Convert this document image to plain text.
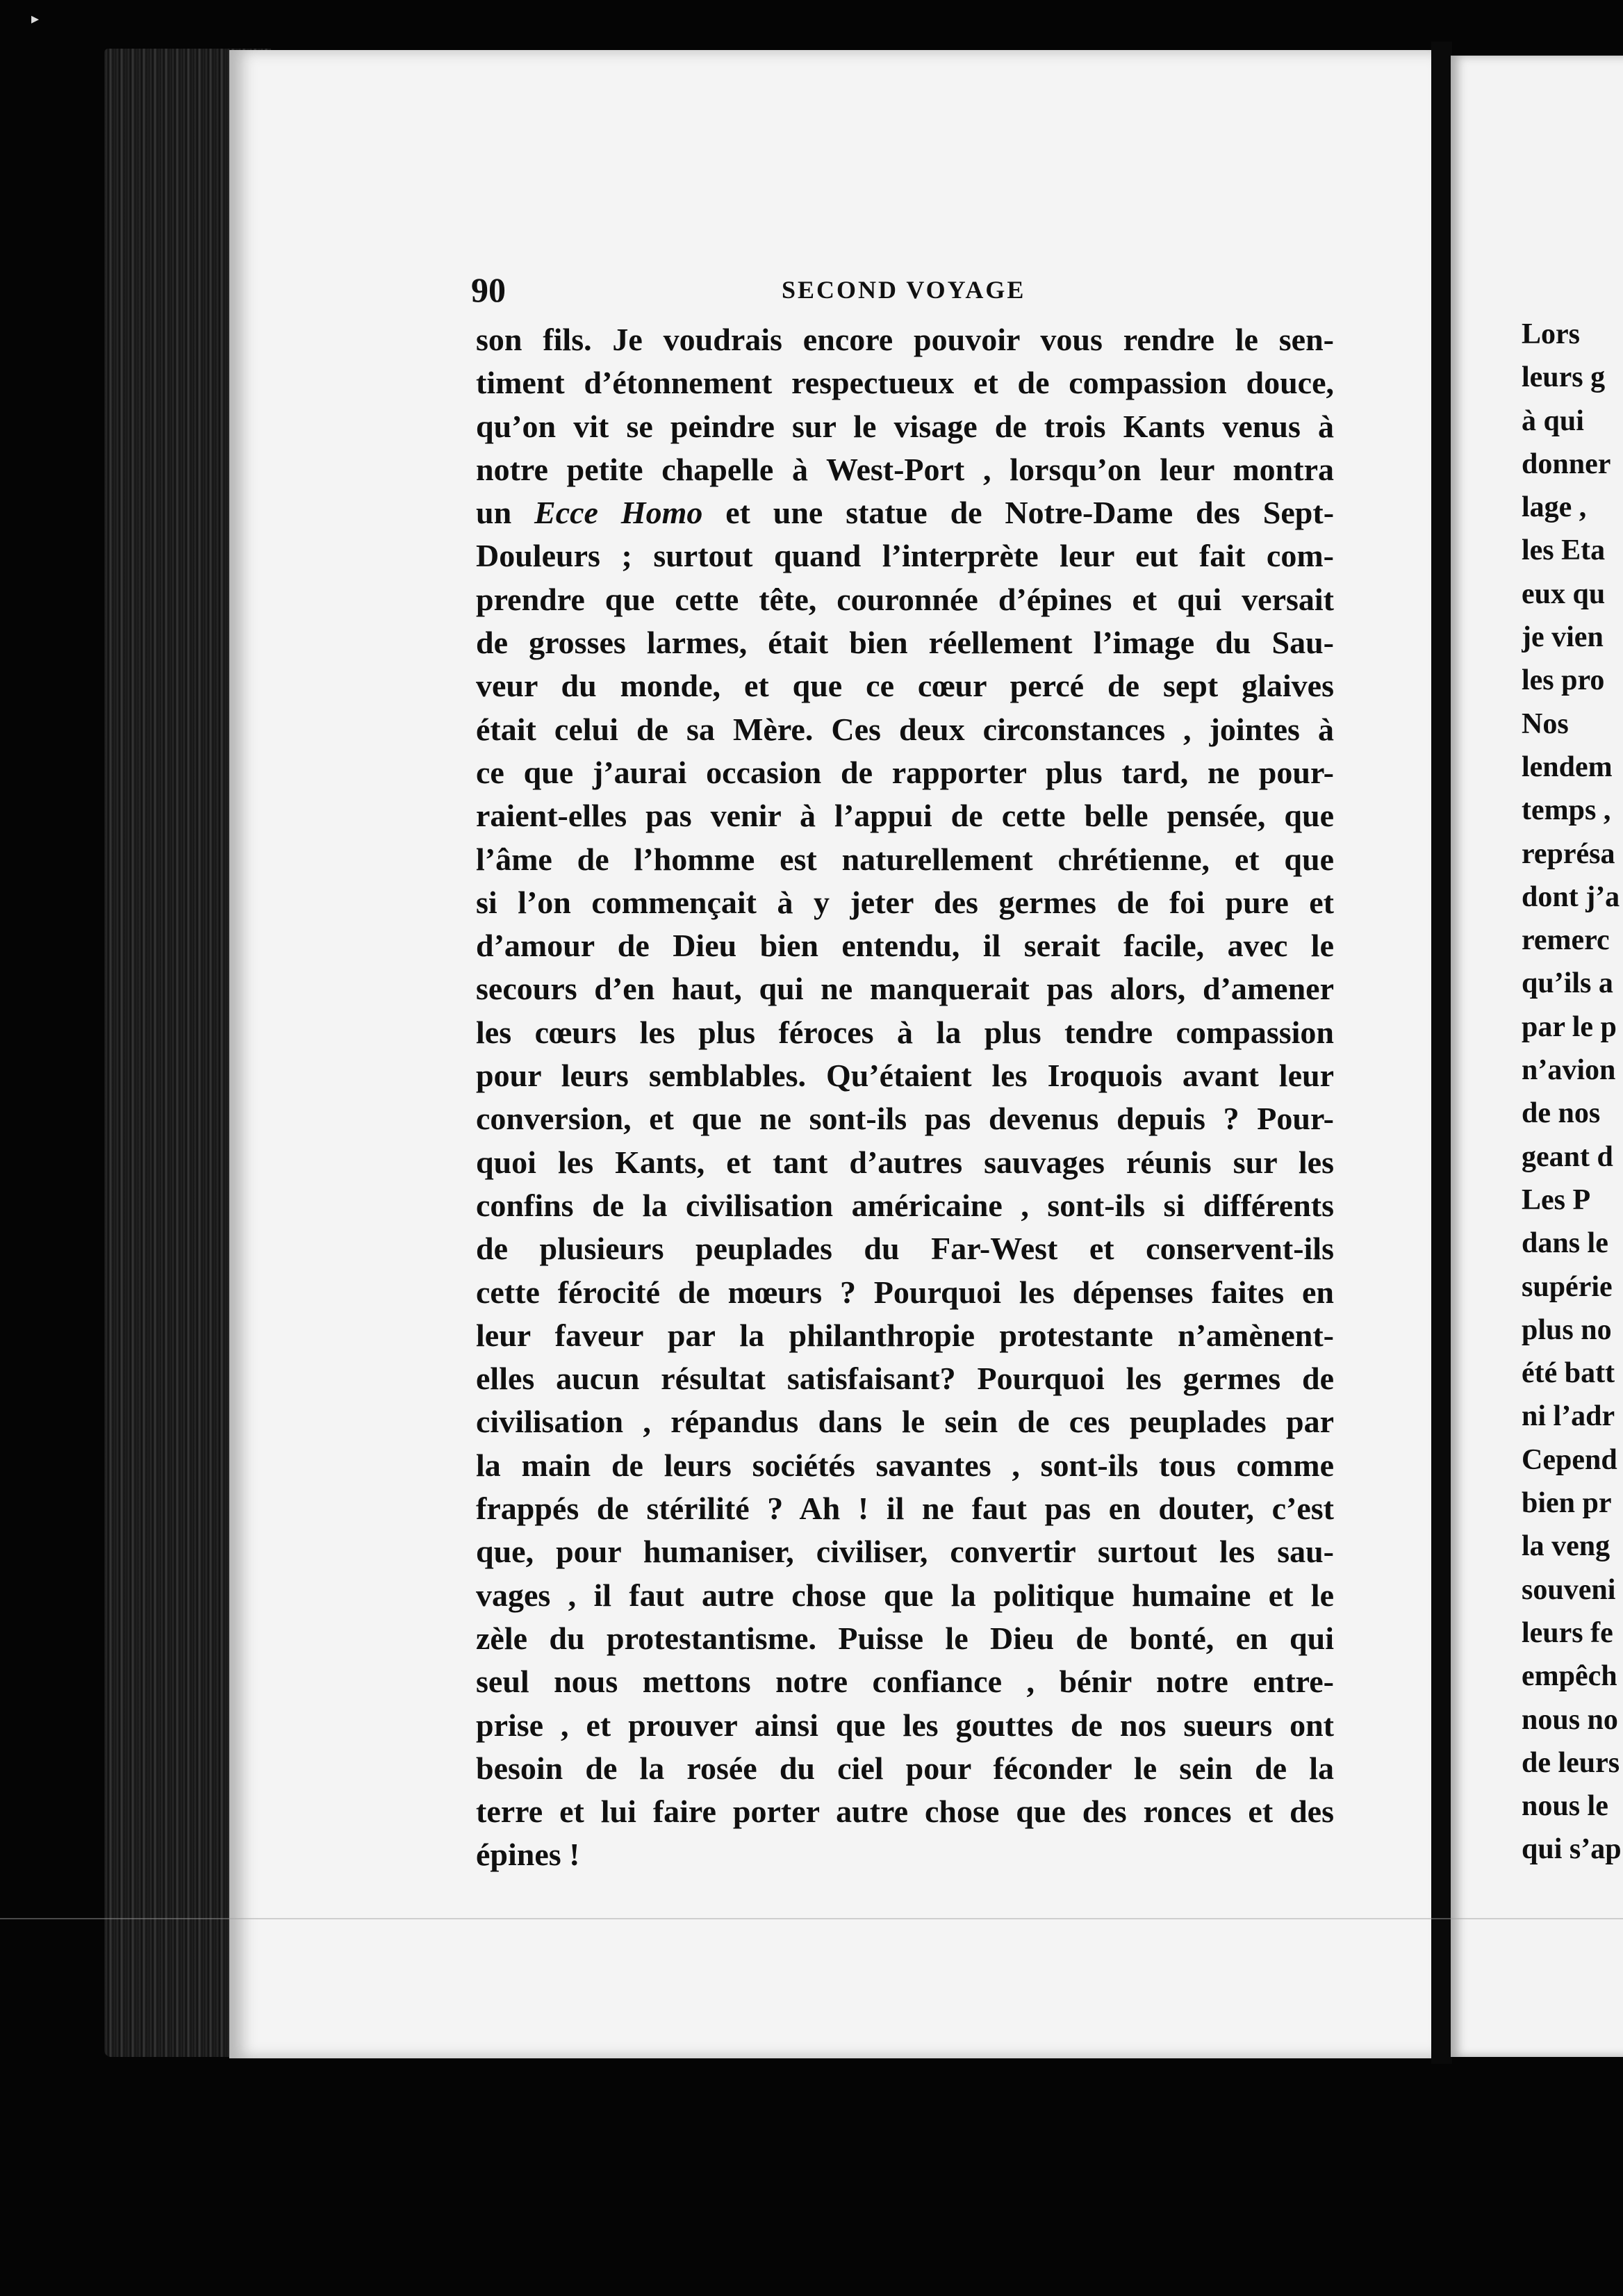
▸
90	SECOND VOYAGE
son fils. Je voudrais encore pouvoir vous rendre le sen-
timent d’étonnement respectueux et de compassion douce,
qu’on vit se peindre sur le visage de trois Kants venus à
notre petite chapelle à West-Port , lorsqu’on leur montra
un Ecce Homo et une statue de Notre-Dame des Sept-
Douleurs ; surtout quand l’interprète leur eut fait com-
prendre que cette tête, couronnée d’épines et qui versait
de grosses larmes, était bien réellement l’image du Sau-
veur du monde, et que ce cœur percé de sept glaives
était celui de sa Mère. Ces deux circonstances , jointes à
ce que j’aurai occasion de rapporter plus tard, ne pour-
raient-elles pas venir à l’appui de cette belle pensée, que
l’âme de l’homme est naturellement chrétienne, et que
si l’on commençait à y jeter des germes de foi pure et
d’amour de Dieu bien entendu, il serait facile, avec le
secours d’en haut, qui ne manquerait pas alors, d’amener
les cœurs les plus féroces à la plus tendre compassion
pour leurs semblables. Qu’étaient les Iroquois avant leur
conversion, et que ne sont-ils pas devenus depuis ? Pour-
quoi les Kants, et tant d’autres sauvages réunis sur les
confins de la civilisation américaine , sont-ils si différents
de plusieurs peuplades du Far-West et conservent-ils
cette férocité de mœurs ? Pourquoi les dépenses faites en
leur faveur par la philanthropie protestante n’amènent-
elles aucun résultat satisfaisant? Pourquoi les germes de
civilisation , répandus dans le sein de ces peuplades par
la main de leurs sociétés savantes , sont-ils tous comme
frappés de stérilité ? Ah ! il ne faut pas en douter, c’est
que, pour humaniser, civiliser, convertir surtout les sau-
vages , il faut autre chose que la politique humaine et le
zèle du protestantisme. Puisse le Dieu de bonté, en qui
seul nous mettons notre confiance , bénir notre entre-
prise , et prouver ainsi que les gouttes de nos sueurs ont
besoin de la rosée du ciel pour féconder le sein de la
terre et lui faire porter autre chose que des ronces et des
épines !
Lors
leurs g
à qui
donner
lage ,
les Eta
eux qu
je vien
les pro
Nos
lendem
temps ,
représa
dont j’a
remerc
qu’ils a
par le p
n’avion
de nos
geant d
Les P
dans le
supérie
plus no
été batt
ni l’adr
Cepend
bien pr
la veng
souveni
leurs fe
empêch
nous no
de leurs
nous le
qui s’ap
